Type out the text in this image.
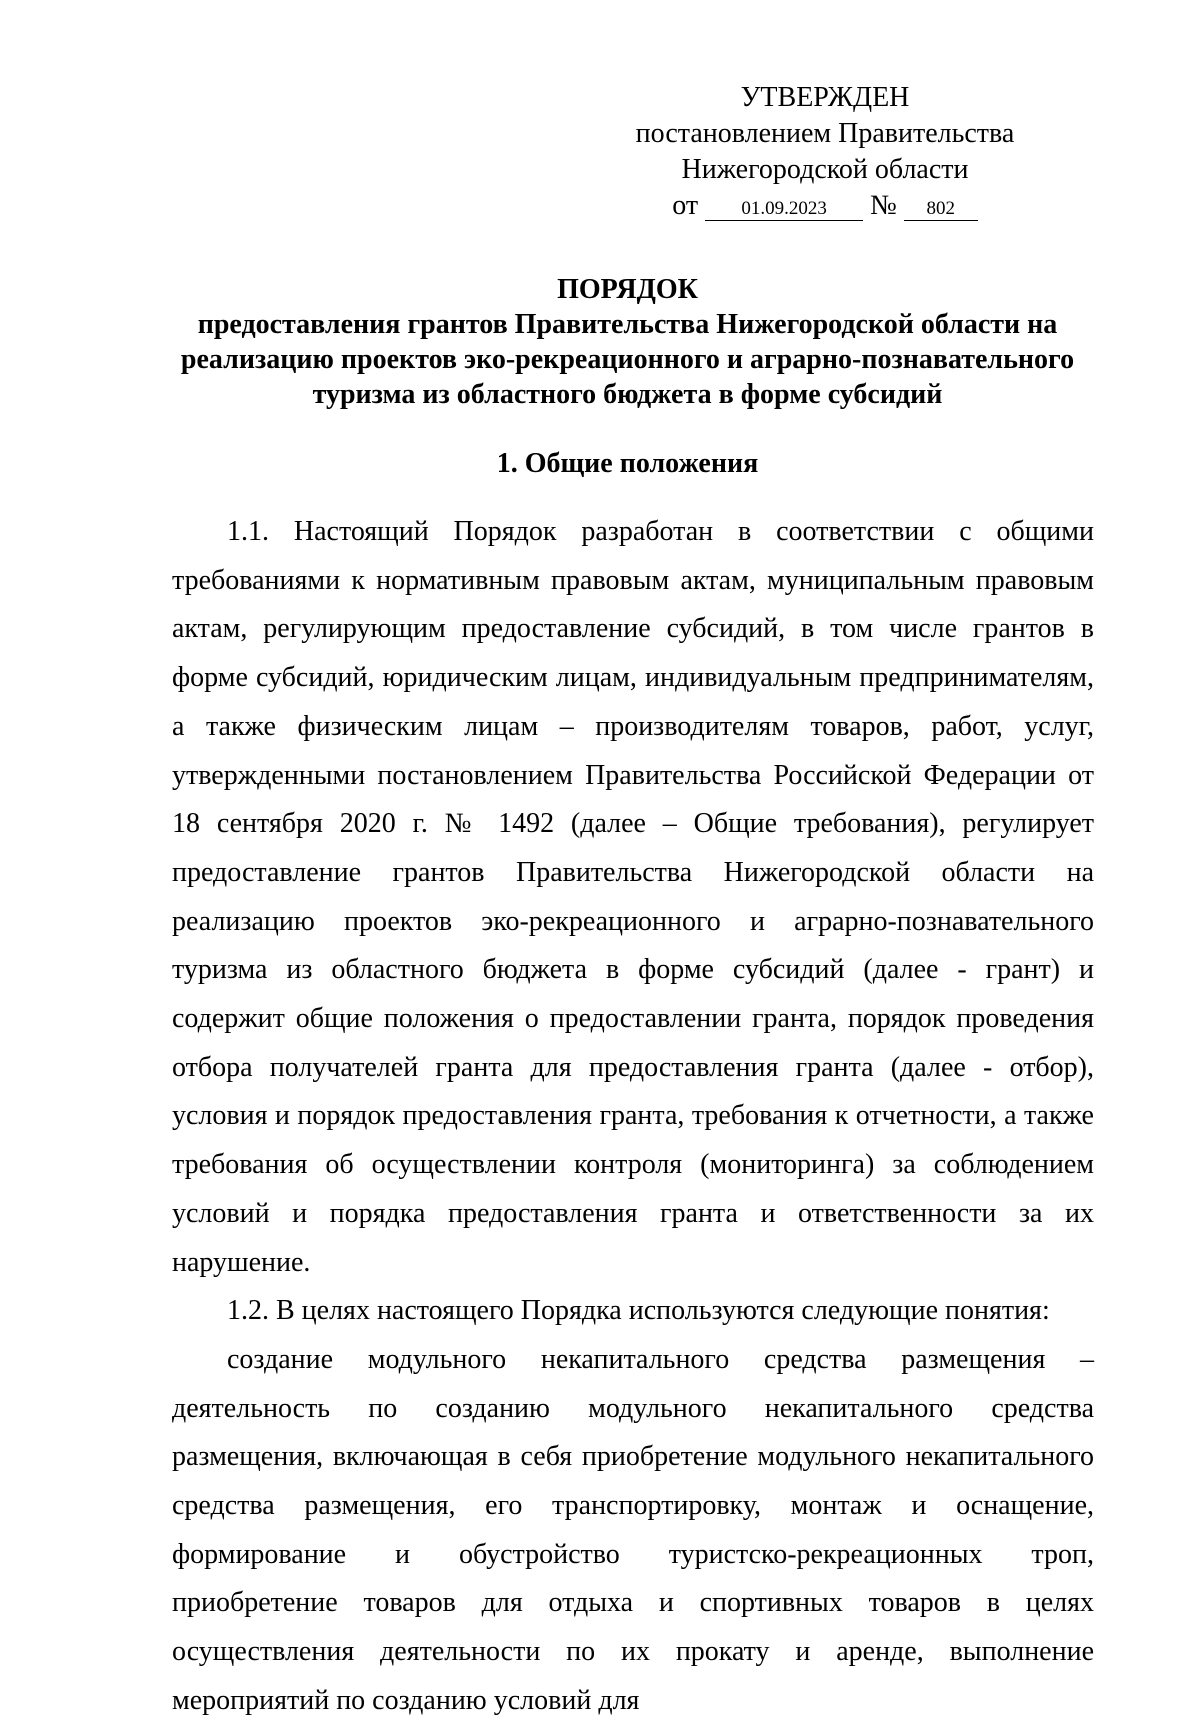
УТВЕРЖДЕН
постановлением Правительства
Нижегородской области
от 01.09.2023 № 802
ПОРЯДОК
предоставления грантов Правительства Нижегородской области на реализацию проектов эко-рекреационного и аграрно-познавательного туризма из областного бюджета в форме субсидий
1. Общие положения

1.1. Настоящий Порядок разработан в соответствии с общими требованиями к нормативным правовым актам, муниципальным правовым актам, регулирующим предоставление субсидий, в том числе грантов в форме субсидий, юридическим лицам, индивидуальным предпринимателям, а также физическим лицам – производителям товаров, работ, услуг, утвержденными постановлением Правительства Российской Федерации от 18 сентября 2020 г. № 1492 (далее – Общие требования), регулирует предоставление грантов Правительства Нижегородской области на реализацию проектов эко-рекреационного и аграрно-познавательного туризма из областного бюджета в форме субсидий (далее - грант) и содержит общие положения о предоставлении гранта, порядок проведения отбора получателей гранта для предоставления гранта (далее - отбор), условия и порядок предоставления гранта, требования к отчетности, а также требования об осуществлении контроля (мониторинга) за соблюдением условий и порядка предоставления гранта и ответственности за их нарушение.

1.2. В целях настоящего Порядка используются следующие понятия:

создание модульного некапитального средства размещения – деятельность по созданию модульного некапитального средства размещения, включающая в себя приобретение модульного некапитального средства размещения, его транспортировку, монтаж и оснащение, формирование и обустройство туристско-рекреационных троп, приобретение товаров для отдыха и спортивных товаров в целях осуществления деятельности по их прокату и аренде, выполнение мероприятий по созданию условий для
